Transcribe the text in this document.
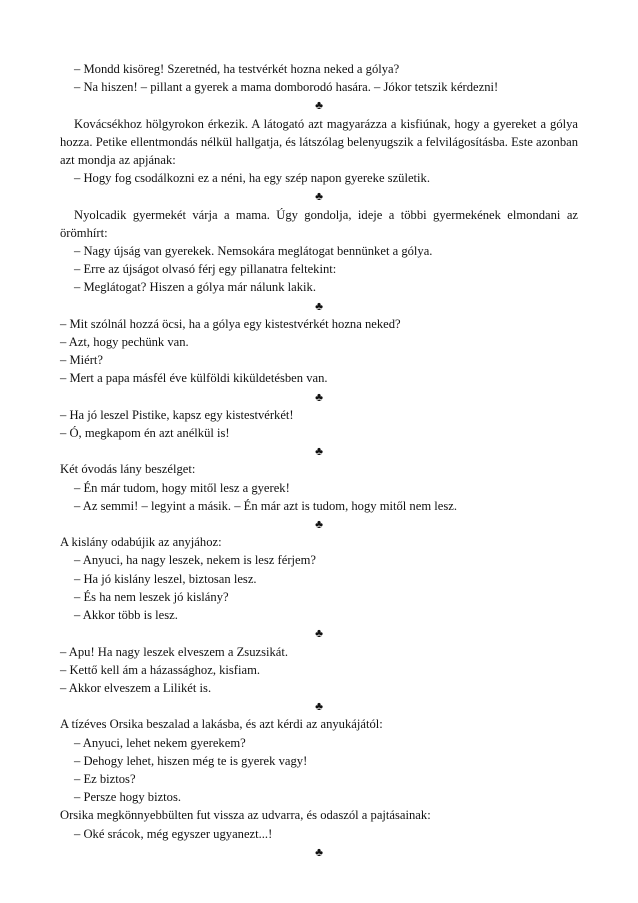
– Mondd kisöreg! Szeretnéd, ha testvérkét hozna neked a gólya?

– Na hiszen! – pillant a gyerek a mama domborodó hasára. – Jókor tetszik kérdezni!

♣

Kovácsékhoz hölgyrokon érkezik. A látogató azt magyarázza a kisfiúnak, hogy a gyereket a gólya hozza. Petike ellentmondás nélkül hallgatja, és látszólag belenyugszik a felvilágosításba. Este azonban azt mondja az apjának:

– Hogy fog csodálkozni ez a néni, ha egy szép napon gyereke születik.

♣

Nyolcadik gyermekét várja a mama. Úgy gondolja, ideje a többi gyermekének elmondani az örömhírt:

– Nagy újság van gyerekek. Nemsokára meglátogat bennünket a gólya.

– Erre az újságot olvasó férj egy pillanatra feltekint:

– Meglátogat? Hiszen a gólya már nálunk lakik.

♣

– Mit szólnál hozzá öcsi, ha a gólya egy kistestvérkét hozna neked?

– Azt, hogy pechünk van.

– Miért?

– Mert a papa másfél éve külföldi kiküldetésben van.

♣

– Ha jó leszel Pistike, kapsz egy kistestvérkét!

– Ó, megkapom én azt anélkül is!

♣

Két óvodás lány beszélget:

– Én már tudom, hogy mitől lesz a gyerek!

– Az semmi! – legyint a másik. – Én már azt is tudom, hogy mitől nem lesz.

♣

A kislány odabújik az anyjához:

– Anyuci, ha nagy leszek, nekem is lesz férjem?

– Ha jó kislány leszel, biztosan lesz.

– És ha nem leszek jó kislány?

– Akkor több is lesz.

♣

– Apu! Ha nagy leszek elveszem a Zsuzsikát.

– Kettő kell ám a házassághoz, kisfiam.

– Akkor elveszem a Lilikét is.

♣

A tízéves Orsika beszalad a lakásba, és azt kérdi az anyukájától:

– Anyuci, lehet nekem gyerekem?

– Dehogy lehet, hiszen még te is gyerek vagy!

– Ez biztos?

– Persze hogy biztos.

Orsika megkönnyebbülten fut vissza az udvarra, és odaszól a pajtásainak:

– Oké srácok, még egyszer ugyanezt...!

♣
